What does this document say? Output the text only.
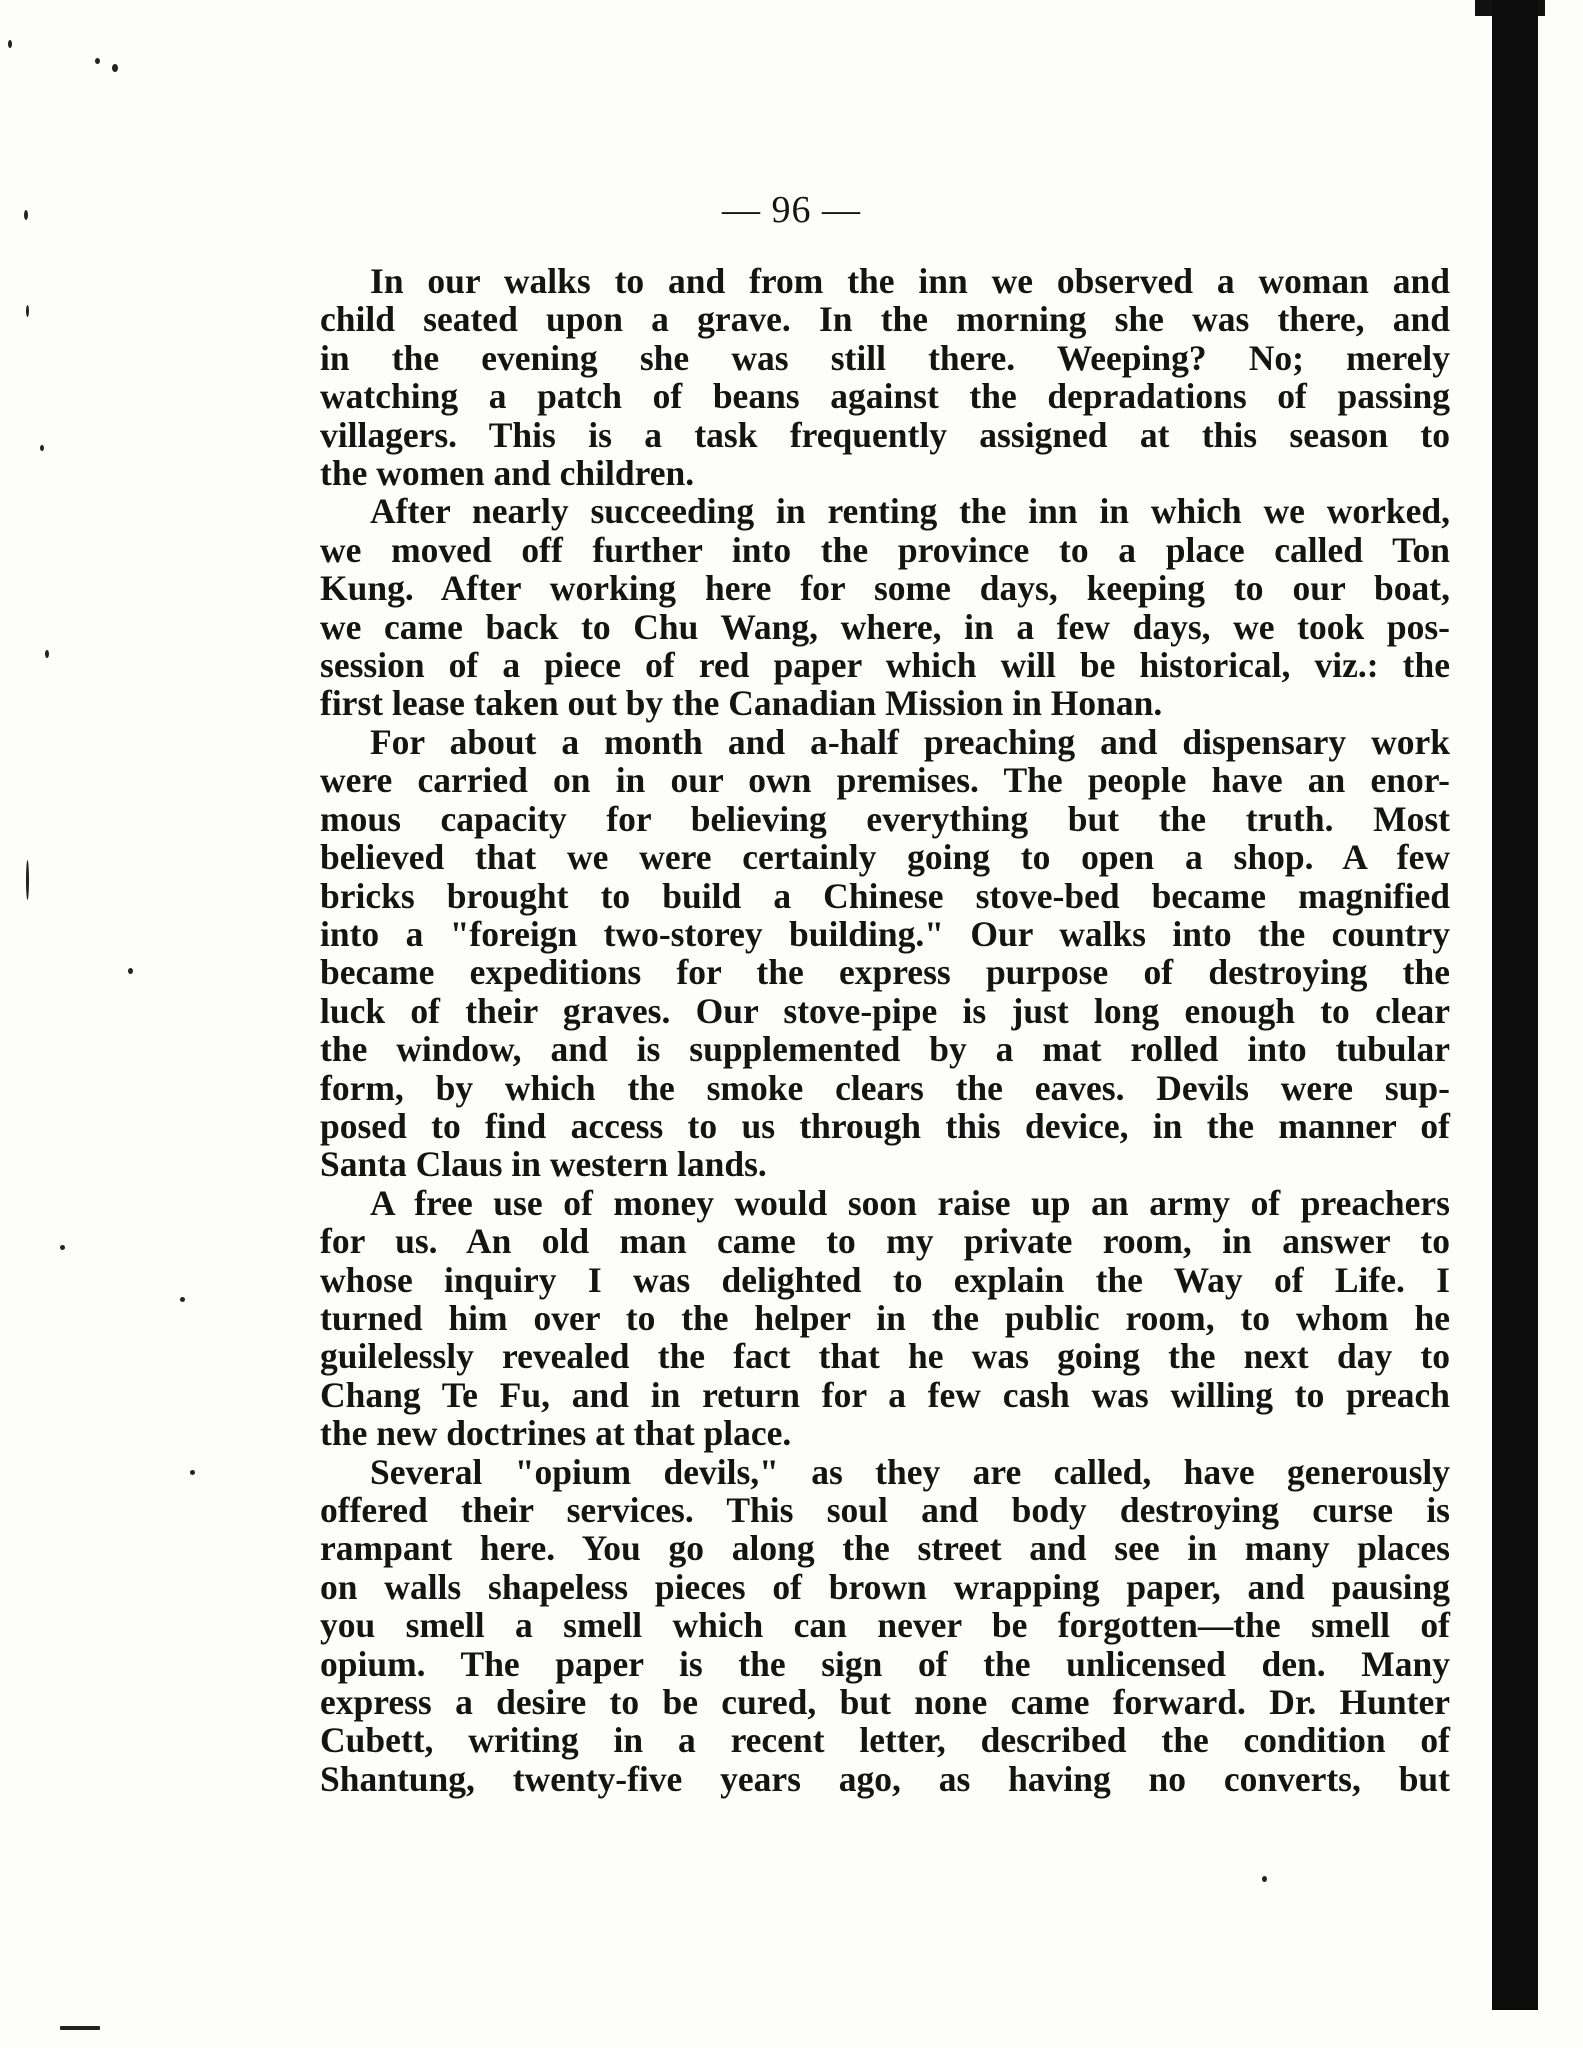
— 96 —
In our walks to and from the inn we observed a woman and
child seated upon a grave. In the morning she was there, and
in the evening she was still there. Weeping? No; merely
watching a patch of beans against the depradations of passing
villagers. This is a task frequently assigned at this season to
the women and children.
After nearly succeeding in renting the inn in which we worked,
we moved off further into the province to a place called Ton
Kung. After working here for some days, keeping to our boat,
we came back to Chu Wang, where, in a few days, we took pos-
session of a piece of red paper which will be historical, viz.: the
first lease taken out by the Canadian Mission in Honan.
For about a month and a-half preaching and dispensary work
were carried on in our own premises. The people have an enor-
mous capacity for believing everything but the truth. Most
believed that we were certainly going to open a shop. A few
bricks brought to build a Chinese stove-bed became magnified
into a "foreign two-storey building." Our walks into the country
became expeditions for the express purpose of destroying the
luck of their graves. Our stove-pipe is just long enough to clear
the window, and is supplemented by a mat rolled into tubular
form, by which the smoke clears the eaves. Devils were sup-
posed to find access to us through this device, in the manner of
Santa Claus in western lands.
A free use of money would soon raise up an army of preachers
for us. An old man came to my private room, in answer to
whose inquiry I was delighted to explain the Way of Life. I
turned him over to the helper in the public room, to whom he
guilelessly revealed the fact that he was going the next day to
Chang Te Fu, and in return for a few cash was willing to preach
the new doctrines at that place.
Several "opium devils," as they are called, have generously
offered their services. This soul and body destroying curse is
rampant here. You go along the street and see in many places
on walls shapeless pieces of brown wrapping paper, and pausing
you smell a smell which can never be forgotten—the smell of
opium. The paper is the sign of the unlicensed den. Many
express a desire to be cured, but none came forward. Dr. Hunter
Cubett, writing in a recent letter, described the condition of
Shantung, twenty-five years ago, as having no converts, but
